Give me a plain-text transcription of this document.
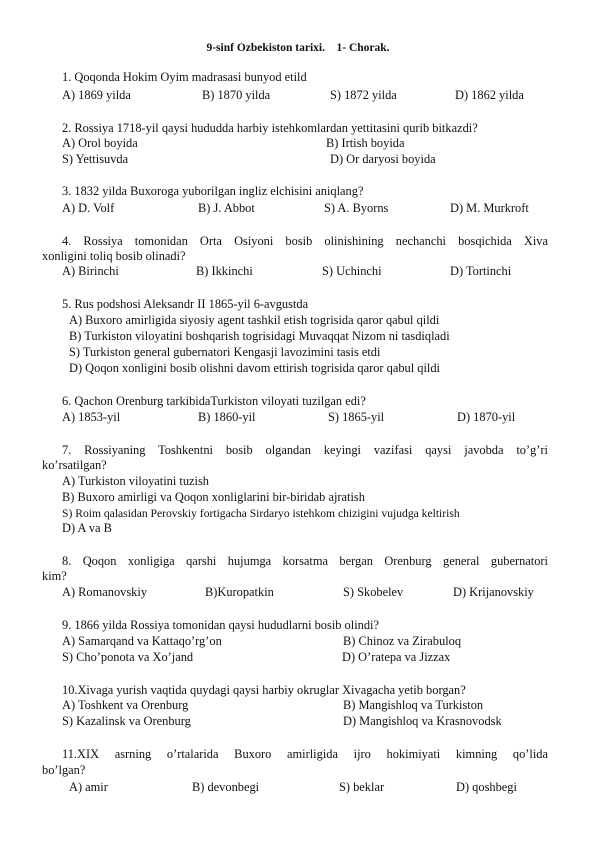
9-sinf Ozbekiston tarixi.    1- Chorak.
1. Qoqonda Hokim Oyim madrasasi bunyod etild
A) 1869 yilda	B) 1870 yilda	S) 1872 yilda	D) 1862 yilda
2. Rossiya 1718-yil qaysi hududda harbiy istehkomlardan yettitasini qurib bitkazdi?
A) Orol boyida	B) Irtish boyida
S) Yettisuvda	D) Or daryosi boyida
3. 1832 yilda Buxoroga yuborilgan ingliz elchisini aniqlang?
A) D. Volf	B) J. Abbot	S) A. Byorns	D) M. Murkroft
4. Rossiya tomonidan Orta Osiyoni bosib olinishining nechanchi bosqichida Xiva
xonligini toliq bosib olinadi?
A) Birinchi	B) Ikkinchi	S) Uchinchi	D) Tortinchi
5. Rus podshosi Aleksandr II 1865-yil 6-avgustda
A) Buxoro amirligida siyosiy agent tashkil etish togrisida qaror qabul qildi
B) Turkiston viloyatini boshqarish togrisidagi Muvaqqat Nizom ni tasdiqladi
S) Turkiston general gubernatori Kengasji lavozimini tasis etdi
D) Qoqon xonligini bosib olishni davom ettirish togrisida qaror qabul qildi
6. Qachon Orenburg tarkibidaTurkiston viloyati tuzilgan edi?
A) 1853-yil	B) 1860-yil	S) 1865-yil	D) 1870-yil
7. Rossiyaning Toshkentni bosib olgandan keyingi vazifasi qaysi javobda to’g’ri
ko’rsatilgan?
A) Turkiston viloyatini tuzish
B) Buxoro amirligi va Qoqon xonliglarini bir-biridab ajratish
S) Roim qalasidan Perovskiy fortigacha Sirdaryo istehkom chizigini vujudga keltirish
D) A va B
8. Qoqon xonligiga qarshi hujumga korsatma bergan Orenburg general gubernatori
kim?
A) Romanovskiy	B)Kuropatkin	S) Skobelev	D) Krijanovskiy
9. 1866 yilda Rossiya tomonidan qaysi hududlarni bosib olindi?
A) Samarqand va Kattaqo’rg’on	B) Chinoz va Zirabuloq
S) Cho’ponota va Xo’jand	D) O’ratepa va Jizzax
10.Xivaga yurish vaqtida quydagi qaysi harbiy okruglar Xivagacha yetib borgan?
A) Toshkent va Orenburg	B) Mangishloq va Turkiston
S) Kazalinsk va Orenburg	D) Mangishloq va Krasnovodsk
11.XIX asrning o’rtalarida Buxoro amirligida ijro hokimiyati kimning qo’lida
bo’lgan?
A) amir	B) devonbegi	S) beklar	D) qoshbegi
